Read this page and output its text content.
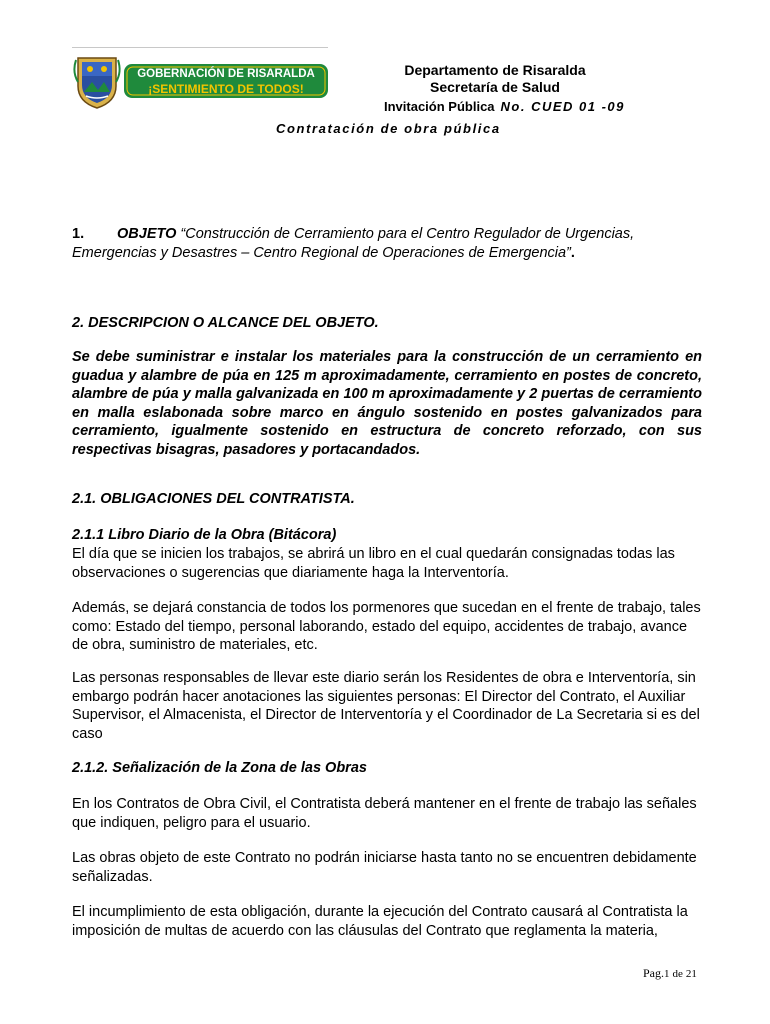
GOBERNACIÓN DE RISARALDA
¡SENTIMIENTO DE TODOS!
Departamento de Risaralda
Secretaría de Salud
Invitación Pública No. CUED 01 -09
Contratación de obra pública
1. OBJETO “Construcción de Cerramiento para el Centro Regulador de Urgencias,
Emergencias y Desastres – Centro Regional de Operaciones de Emergencia”.
2. DESCRIPCION O ALCANCE DEL OBJETO.
Se debe suministrar e instalar los materiales para la construcción de un cerramiento en guadua y alambre de púa en 125 m aproximadamente, cerramiento en postes de concreto, alambre de púa y malla galvanizada en 100 m aproximadamente y 2 puertas de cerramiento en malla eslabonada sobre marco en ángulo sostenido en postes galvanizados para cerramiento, igualmente sostenido en estructura de concreto reforzado, con sus respectivas bisagras, pasadores y portacandados.
2.1. OBLIGACIONES DEL CONTRATISTA.
2.1.1 Libro Diario de la Obra (Bitácora)
El día que se inicien los trabajos, se abrirá un libro en el cual quedarán consignadas todas las observaciones o sugerencias que diariamente haga la Interventoría.
Además, se dejará constancia de todos los pormenores que sucedan en el frente de trabajo, tales como: Estado del tiempo, personal laborando, estado del equipo, accidentes de trabajo, avance de obra, suministro de materiales, etc.
Las personas responsables de llevar este diario serán los Residentes de obra e Interventoría, sin embargo podrán hacer anotaciones las siguientes personas: El Director del Contrato, el Auxiliar Supervisor, el Almacenista, el Director de Interventoría y el Coordinador de La Secretaria si es del caso
2.1.2. Señalización de la Zona de las Obras
En los Contratos de Obra Civil, el Contratista deberá mantener en el frente de trabajo las señales que indiquen, peligro para el usuario.
Las obras objeto de este Contrato no podrán iniciarse hasta tanto no se encuentren debidamente señalizadas.
El incumplimiento de esta obligación, durante la ejecución del Contrato causará al Contratista la imposición de multas de acuerdo con las cláusulas del Contrato que reglamenta la materia,
Pag.1 de 21
